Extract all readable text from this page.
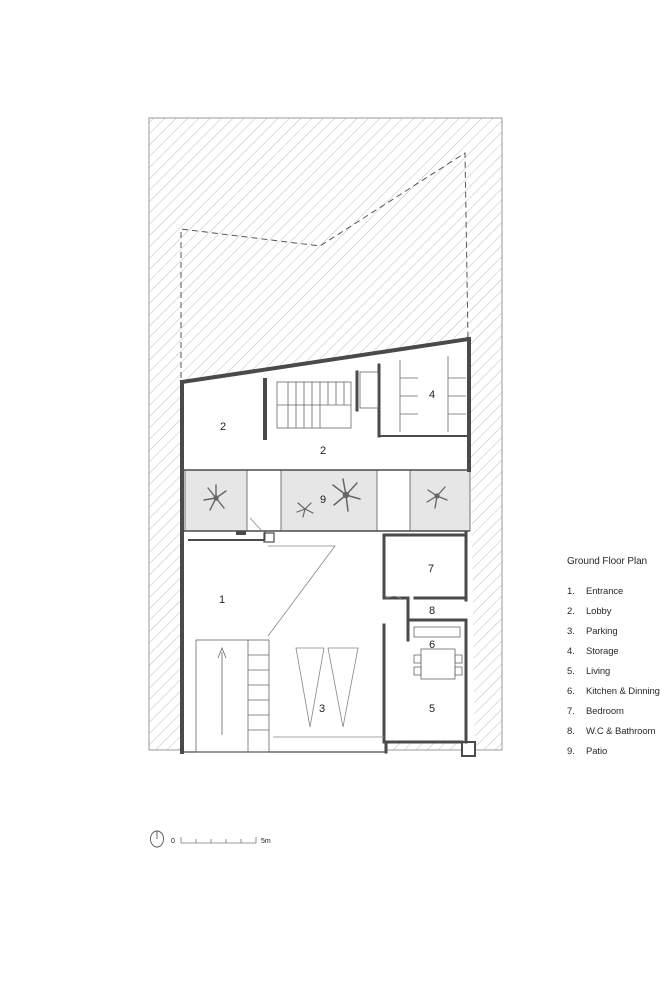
1
2
2
3
4
5
6
7
8
9
0	5m
Ground Floor Plan
1.	Entrance
2.	Lobby
3.	Parking
4.	Storage
5.	Living
6.	Kitchen & Dinning
7.	Bedroom
8.	W.C & Bathroom
9.	Patio
